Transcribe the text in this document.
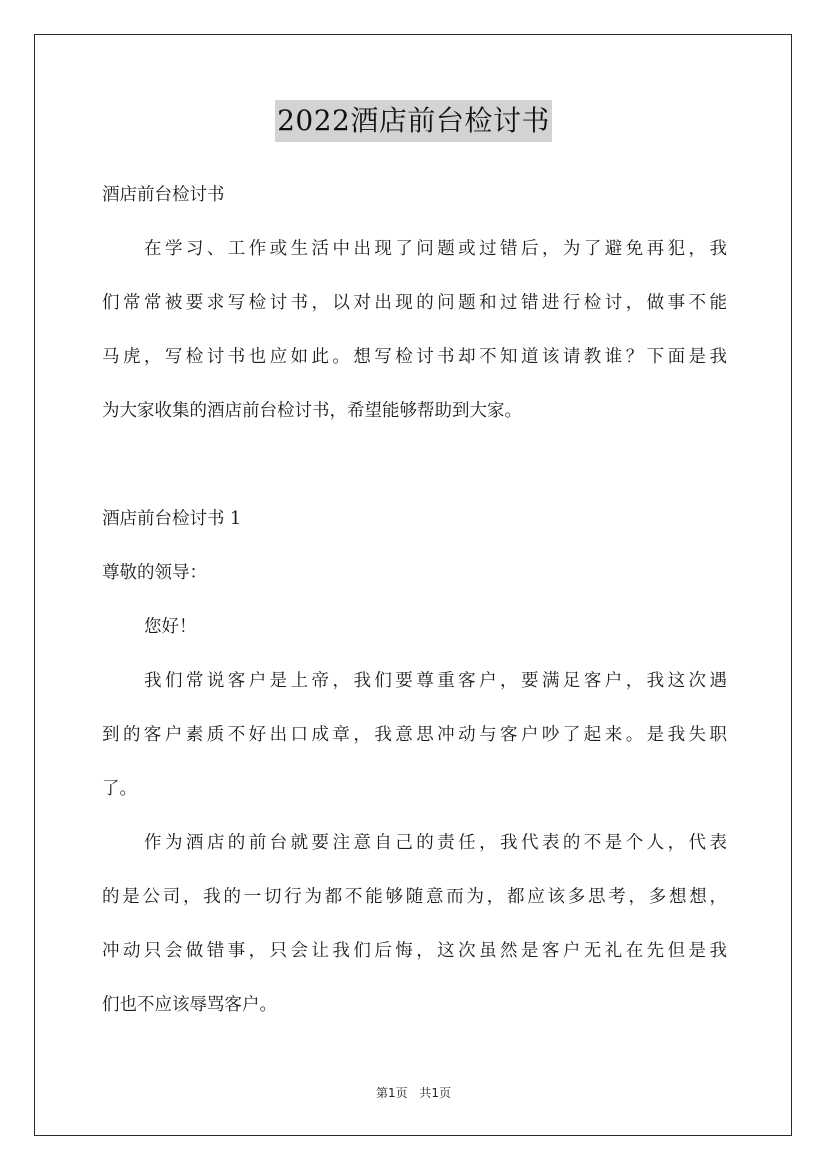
2022酒店前台检讨书
酒店前台检讨书
在学习、工作或生活中出现了问题或过错后，为了避免再犯，我
们常常被要求写检讨书，以对出现的问题和过错进行检讨，做事不能
马虎，写检讨书也应如此。想写检讨书却不知道该请教谁？下面是我
为大家收集的酒店前台检讨书，希望能够帮助到大家。
酒店前台检讨书 1
尊敬的领导：
您好！
我们常说客户是上帝，我们要尊重客户，要满足客户，我这次遇
到的客户素质不好出口成章，我意思冲动与客户吵了起来。是我失职
了。
作为酒店的前台就要注意自己的责任，我代表的不是个人，代表
的是公司，我的一切行为都不能够随意而为，都应该多思考，多想想，
冲动只会做错事，只会让我们后悔，这次虽然是客户无礼在先但是我
们也不应该辱骂客户。
第1页 共1页
